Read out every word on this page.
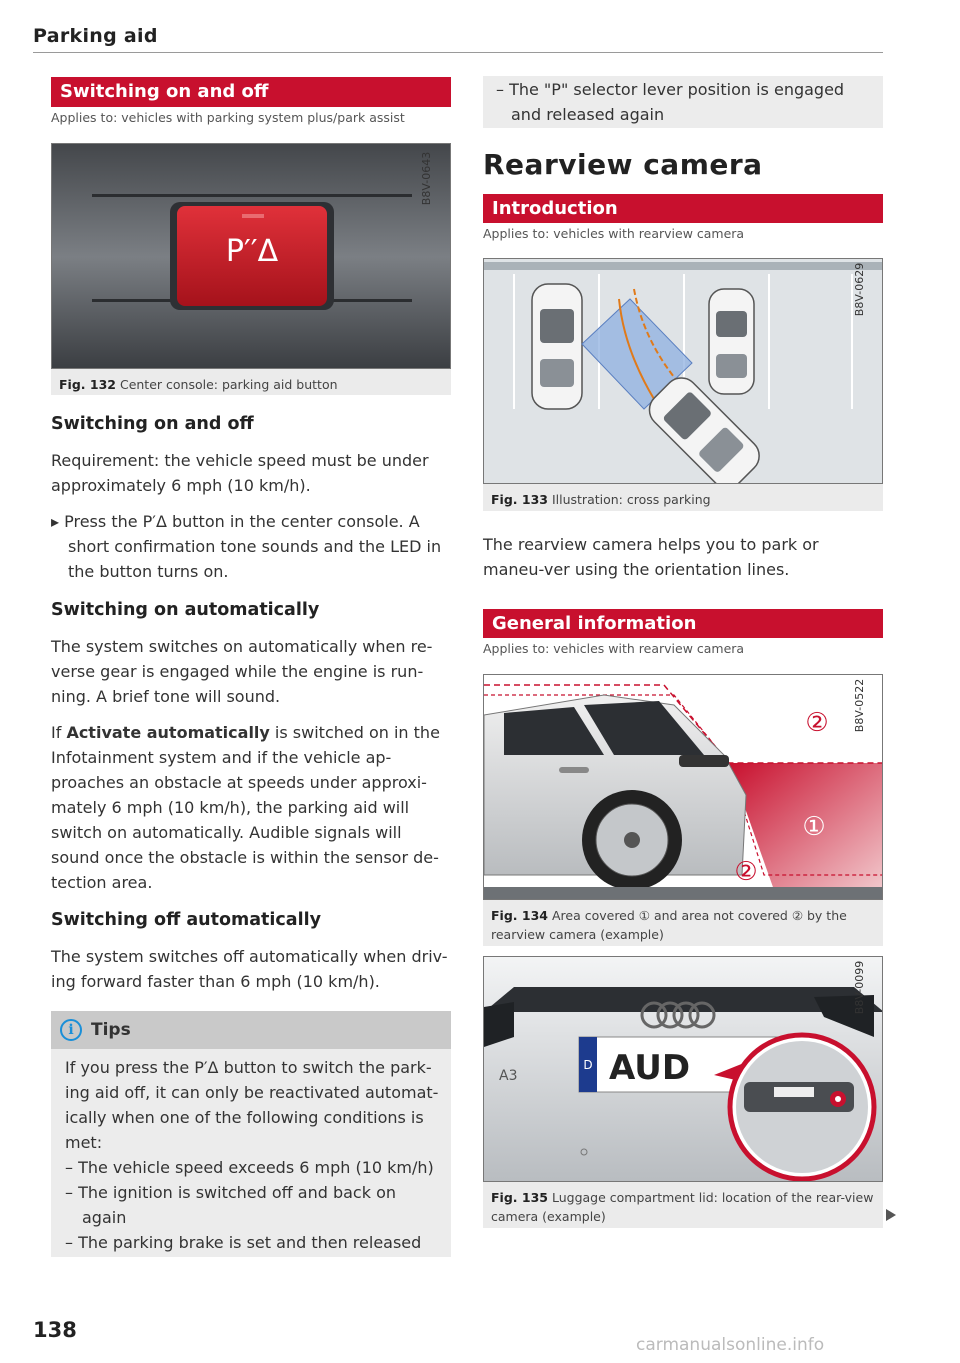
Parking aid
Switching on and off
Applies to: vehicles with parking system plus/park assist
P′′Δ
B8V-0643
Fig. 132 Center console: parking aid button
Switching on and off
Requirement: the vehicle speed must be under approximately 6 mph (10 km/h).
▸ Press the P′Δ button in the center console. A
short confirmation tone sounds and the LED in
the button turns on.
Switching on automatically
The system switches on automatically when re-verse gear is engaged while the engine is run-ning. A brief tone will sound.
If Activate automatically is switched on in the Infotainment system and if the vehicle ap-proaches an obstacle at speeds under approxi-mately 6 mph (10 km/h), the parking aid will switch on automatically. Audible signals will sound once the obstacle is within the sensor de-tection area.
Switching off automatically
The system switches off automatically when driv-ing forward faster than 6 mph (10 km/h).
i	Tips
If you press the P′Δ button to switch the park-ing aid off, it can only be reactivated automat-ically when one of the following conditions is met:
– The vehicle speed exceeds 6 mph (10 km/h)
– The ignition is switched off and back on
again
– The parking brake is set and then released
138
– The "P" selector lever position is engaged
and released again
Rearview camera
Introduction
Applies to: vehicles with rearview camera
B8V-0629
Fig. 133 Illustration: cross parking
The rearview camera helps you to park or maneu-ver using the orientation lines.
General information
Applies to: vehicles with rearview camera
②
①
②
B8V-0522
Fig. 134 Area covered ① and area not covered ② by the rearview camera (example)
D AUD
A3
B8V-0099
Fig. 135 Luggage compartment lid: location of the rear-view camera (example)
carmanualsonline.info
